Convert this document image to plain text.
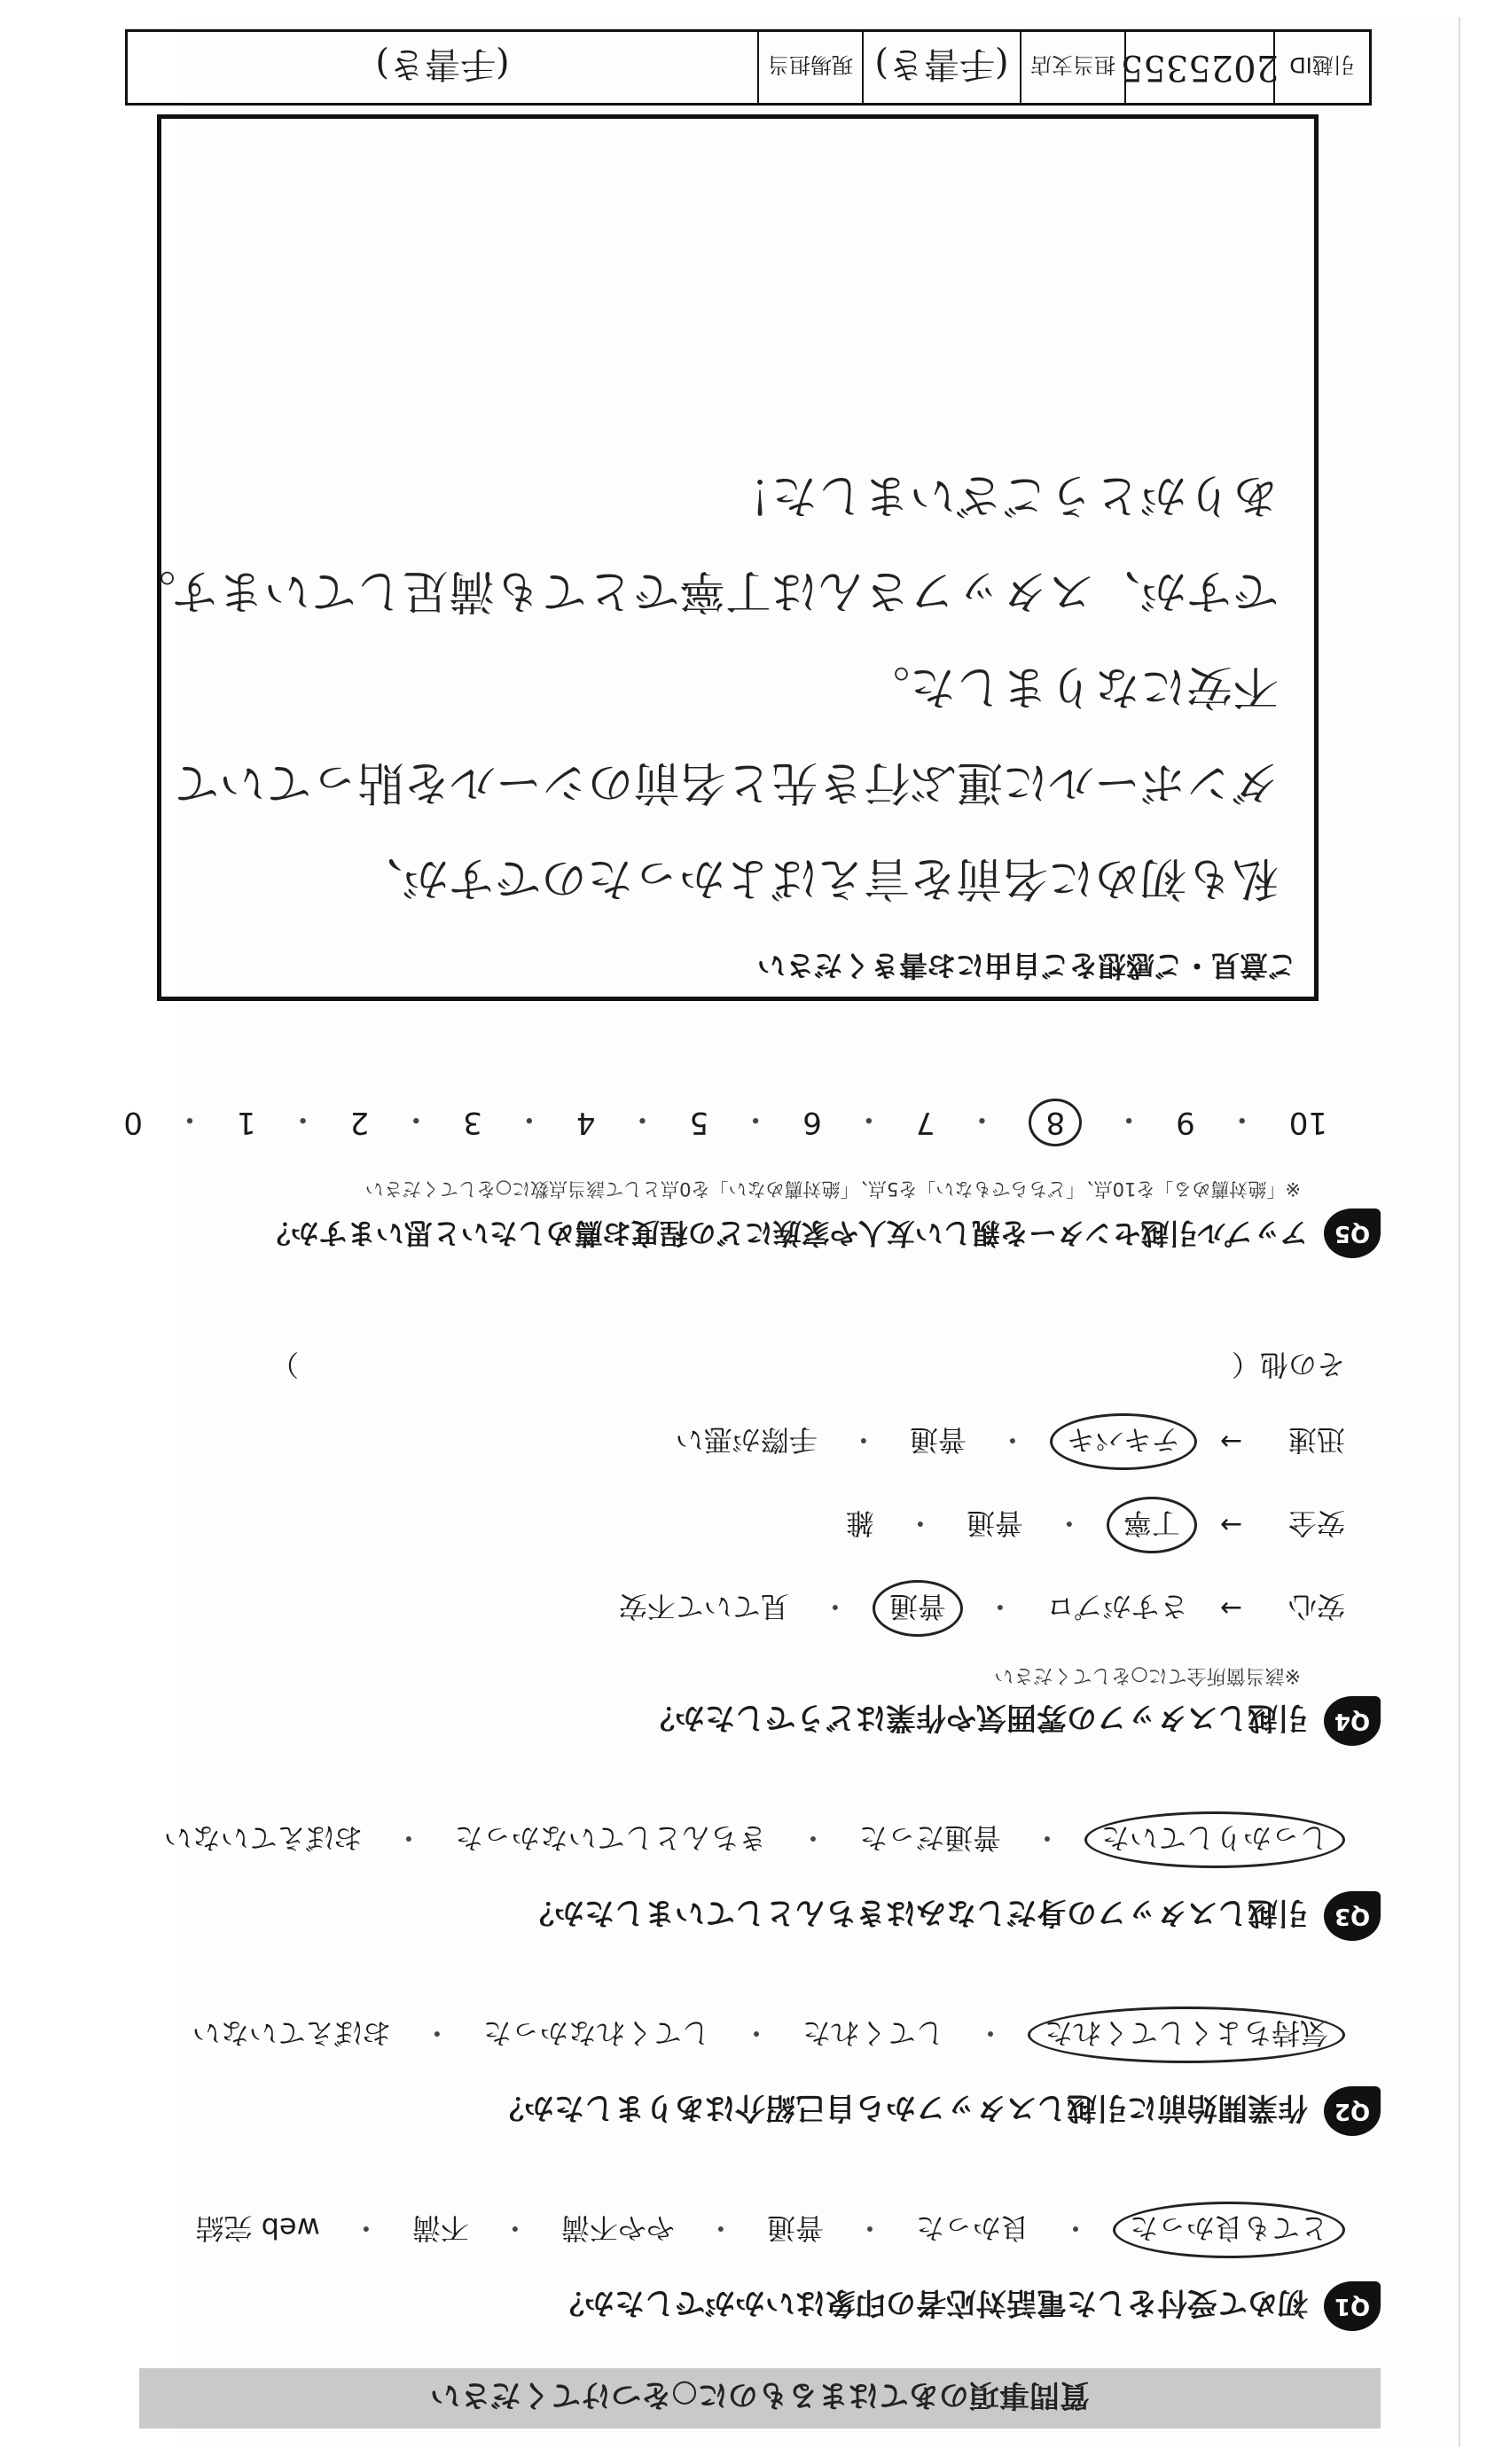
質問事項のあてはまるものに○をつけてください
Q1
初めて受付をした電話対応者の印象はいかがでしたか？
とても良かった
・
良かった
・
普通
・
やや不満
・
不満
・
web 完結
Q2
作業開始前に引越しスタッフから自己紹介はありましたか？
気持ちよくしてくれた
・
してくれた
・
してくれなかった
・
おぼえていない
Q3
引越しスタッフの身だしなみはきちんとしていましたか？
しっかりしていた
・
普通だった
・
きちんとしていなかった
・
おぼえていない
Q4
引越しスタッフの雰囲気や作業はどうでしたか？
※該当箇所全てに○をしてください
安心
→
さすがプロ
・
普通
・
見ていて不安
安全
→
丁寧
・
普通
・
雑
迅速
→
テキパキ
・
普通
・
手際が悪い
その他（
）
Q5
アップル引越センターを親しい友人や家族にどの程度お薦めしたいと思いますか？
※「絶対薦める」を10点、「どちらでもない」を5点、「絶対薦めない」を0点として該当点数に○をしてください
10
・
9
・
8
・
7
・
6
・
5
・
4
・
3
・
2
・
1
・
0
ご意見・ご感想をご自由にお書きください
私も初めに名前を言えばよかったのですが、
ダンボールに運ぶ行き先と名前のシールを貼っていて
不安になりました。
ですが、スタッフさんは丁寧でとても満足しています。
ありがとうございました！
引越ID
2025355
担当支店
(手書き)
現場担当
(手書き)
